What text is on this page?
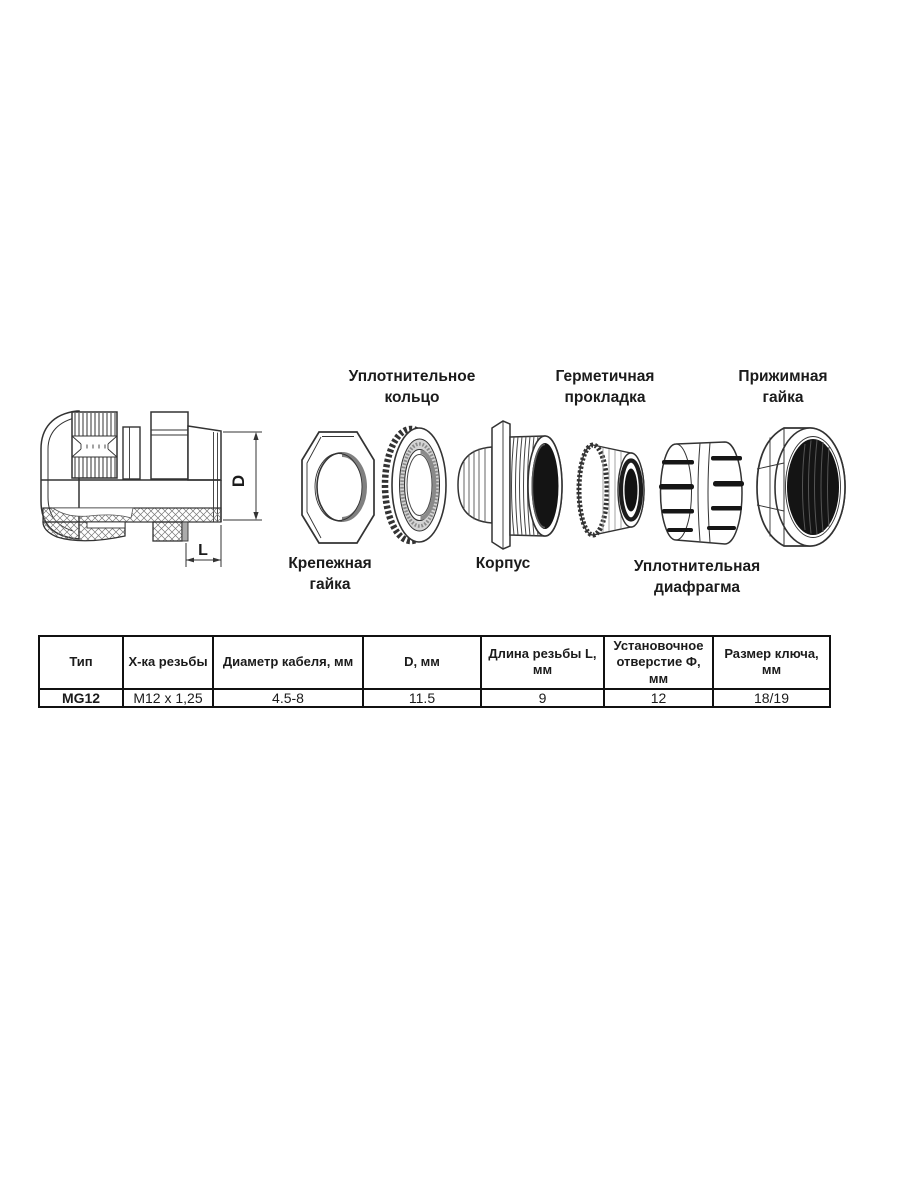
D
L
Уплотнительное кольцо
Герметичная прокладка
Прижимная гайка
Крепежная гайка
Корпус	Уплотнительная диафрагма
Тип	Х-ка резьбы	Диаметр кабеля, мм	D, мм	Длина резьбы L, мм	Установочное отверстие Ф, мм	Размер ключа, мм
MG12	M12 x 1,25	4.5-8	11.5	9	12	18/19
